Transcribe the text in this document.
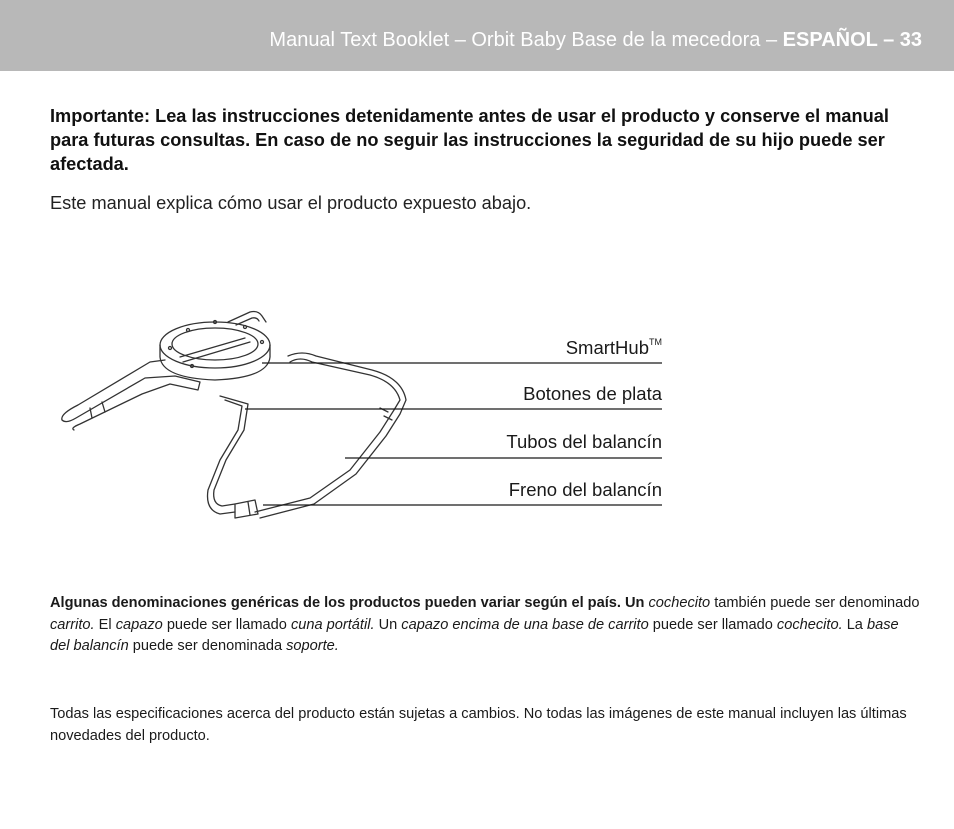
Manual Text Booklet – Orbit Baby Base de la mecedora – ESPAÑOL – 33
Importante: Lea las instrucciones detenidamente antes de usar el producto y conserve el manual para futuras consultas. En caso de no seguir las instrucciones la seguridad de su hijo puede ser afectada.
Este manual explica cómo usar el producto expuesto abajo.
SmartHub™
Botones de plata
Tubos del balancín
Freno del balancín
Algunas denominaciones genéricas de los productos pueden variar según el país. Un cochecito también puede ser denominado carrito. El capazo puede ser llamado cuna portátil. Un capazo encima de una base de carrito puede ser llamado cochecito. La base del balancín puede ser denominada soporte.
Todas las especificaciones acerca del producto están sujetas a cambios. No todas las imágenes de este manual incluyen las últimas novedades del producto.
